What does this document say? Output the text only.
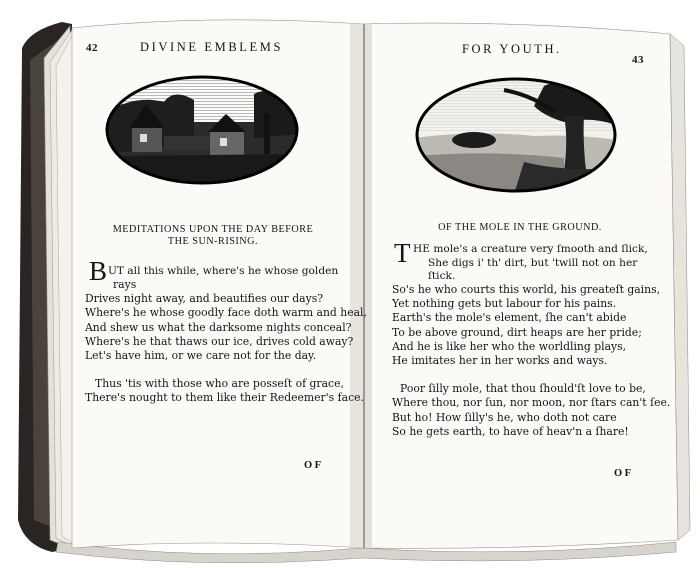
42	DIVINE EMBLEMS
MEDITATIONS UPON THE DAY BEFORE
THE SUN-RISING.
B UT all this while, where's he whose golden
rays
Drives night away, and beautifies our days?
Where's he whose goodly face doth warm and heal,
And shew us what the darksome nights conceal?
Where's he that thaws our ice, drives cold away?
Let's have him, or we care not for the day.
Thus 'tis with those who are posseſt of grace,
There's nought to them like their Redeemer's face.
OF
FOR YOUTH.
43
OF THE MOLE IN THE GROUND.
T HE mole's a creature very ſmooth and ſlick,
She digs i' th' dirt, but 'twill not on her
ſtick.
So's he who courts this world, his greateſt gains,
Yet nothing gets but labour for his pains.
Earth's the mole's element, ſhe can't abide
To be above ground, dirt heaps are her pride;
And he is like her who the worldling plays,
He imitates her in her works and ways.
Poor ſilly mole, that thou ſhould'ſt love to be,
Where thou, nor ſun, nor moon, nor ſtars can't ſee.
But ho! How ſilly's he, who doth not care
So he gets earth, to have of heav'n a ſhare!
OF
